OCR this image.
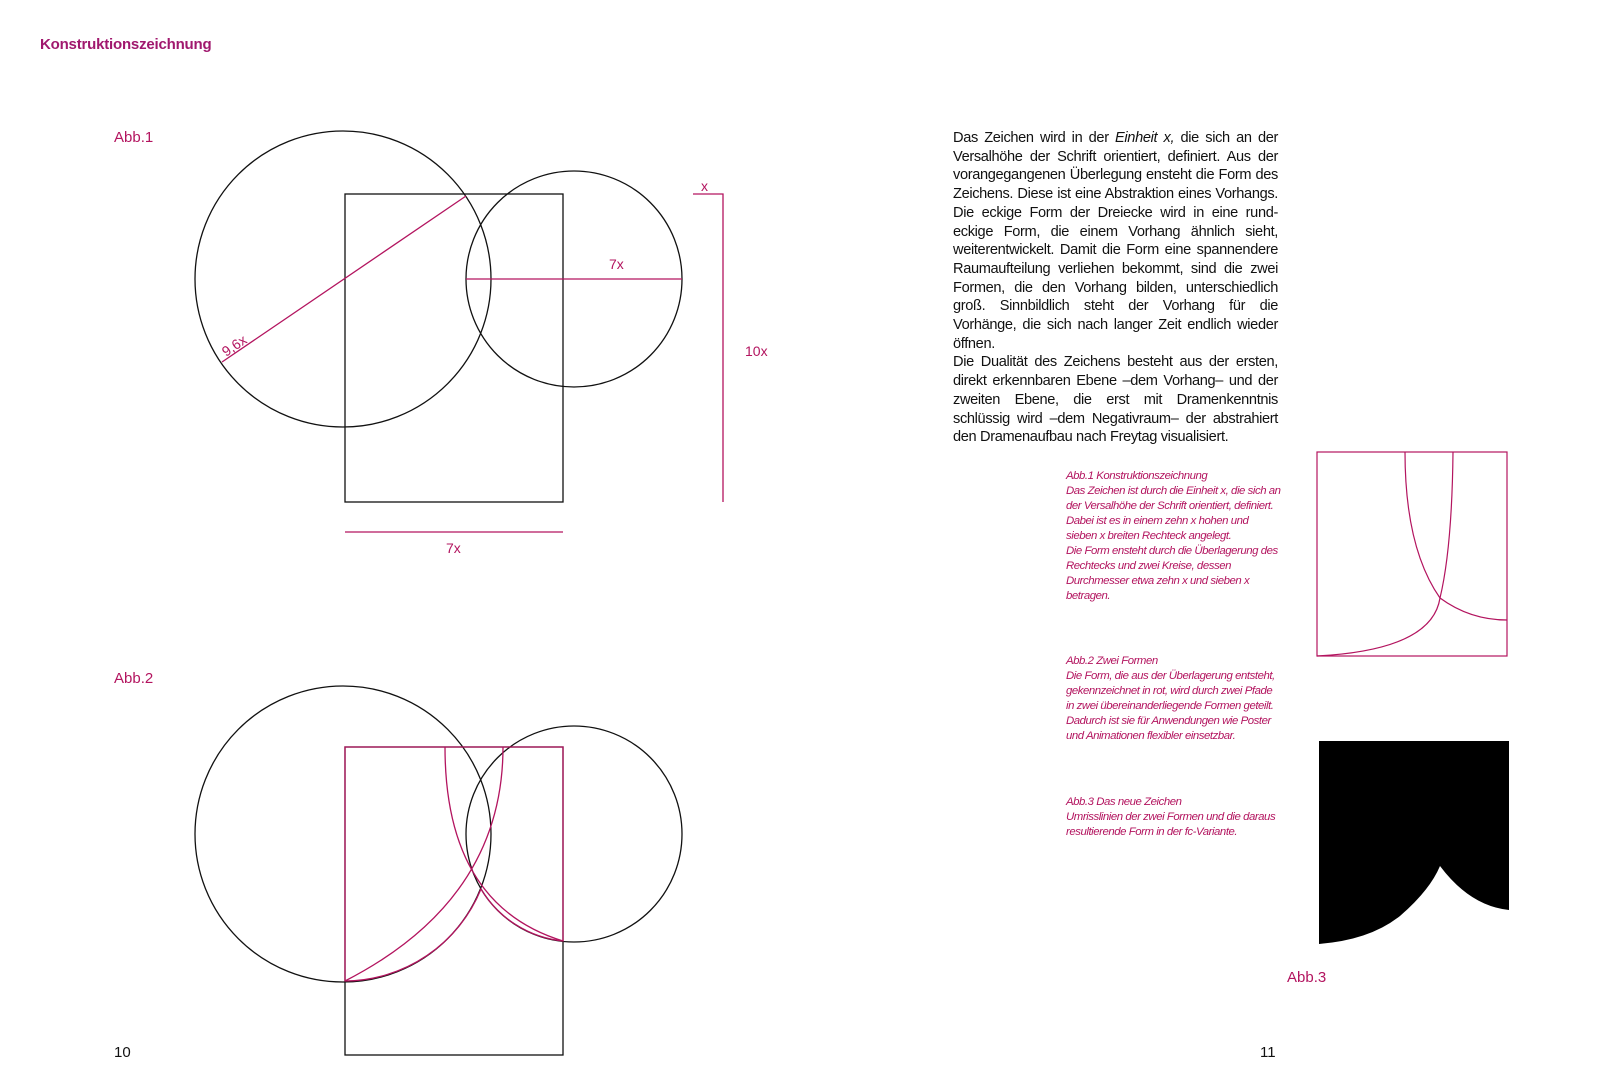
Konstruktionszeichnung
Abb.1
Abb.2
Abb.3
x
9,6x
7x
10x
7x

Das Zeichen wird in der Einheit x, die sich an der Versalhöhe der Schrift orientiert, definiert. Aus der vorangegangenen Überlegung ensteht die Form des Zeichens. Diese ist eine Abstraktion eines Vorhangs. Die eckige Form der Dreiecke wird in eine rund-eckige Form, die einem Vorhang ähnlich sieht, weiterentwickelt. Damit die Form eine spannendere Raumaufteilung verliehen bekommt, sind die zwei Formen, die den Vorhang bilden, unterschiedlich groß. Sinnbildlich steht der Vorhang für die Vorhänge, die sich nach langer Zeit endlich wieder öffnen.

Die Dualität des Zeichens besteht aus der ersten, direkt erkennbaren Ebene –dem Vorhang– und der zweiten Ebene, die erst mit Dramenkenntnis schlüssig wird –dem Negativraum– der abstrahiert den Dramenaufbau nach Freytag visualisiert.

Abb.1 Konstruktionszeichnung

Das Zeichen ist durch die Einheit x, die sich an der Versalhöhe der Schrift orientiert, definiert. Dabei ist es in einem zehn x hohen und sieben x breiten Rechteck angelegt.

Die Form ensteht durch die Überlagerung des Rechtecks und zwei Kreise, dessen Durchmesser etwa zehn x und sieben x betragen.

Abb.2 Zwei Formen

Die Form, die aus der Überlagerung entsteht, gekennzeichnet in rot, wird durch zwei Pfade in zwei übereinanderliegende Formen geteilt.

Dadurch ist sie für Anwendungen wie Poster und Animationen flexibler einsetzbar.

Abb.3 Das neue Zeichen

Umrisslinien der zwei Formen und die daraus resultierende Form in der fc-Variante.

10	11
